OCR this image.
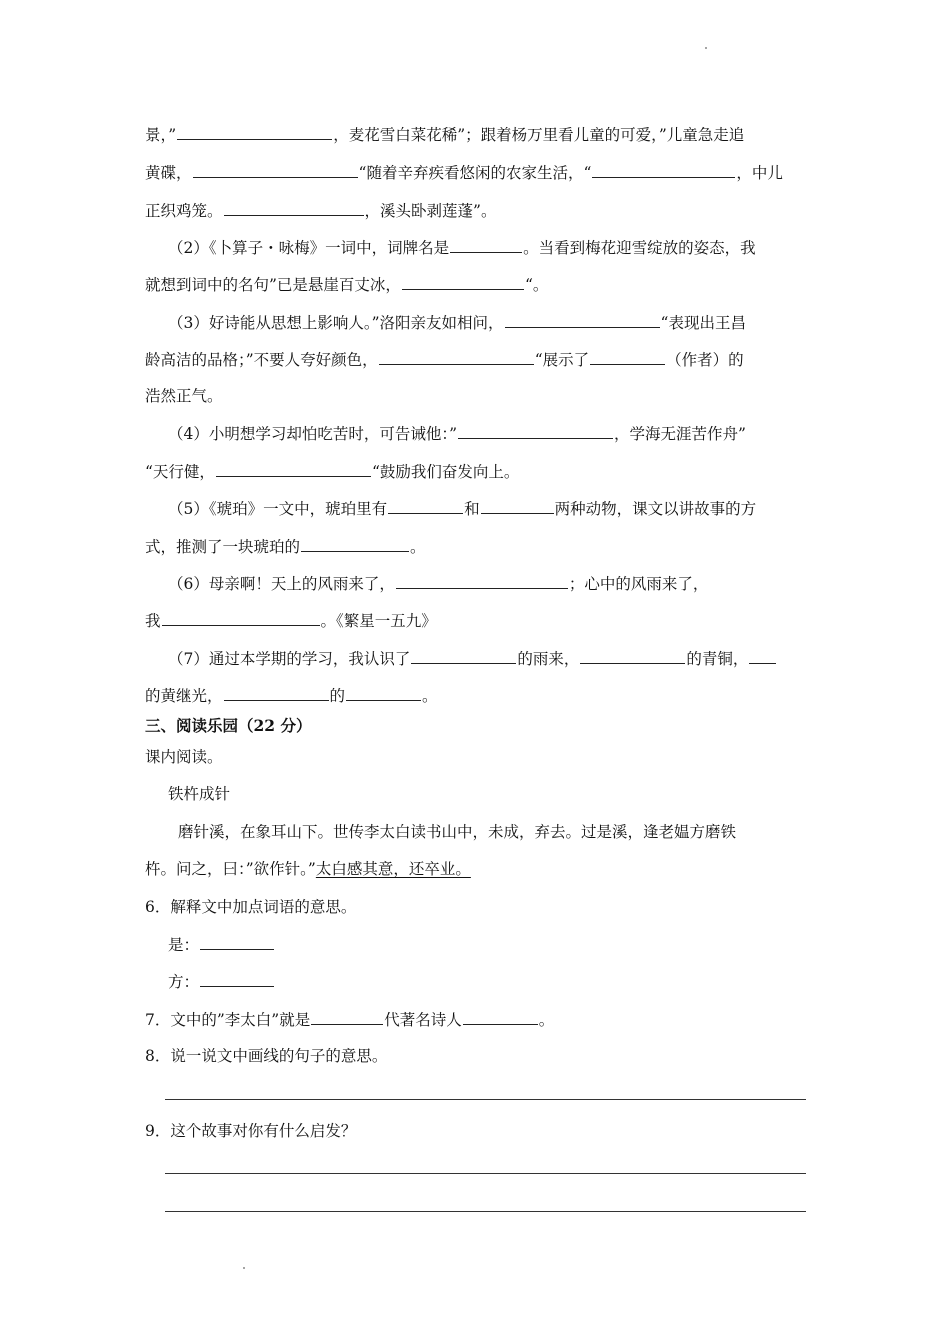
景，”	，麦花雪白菜花稀”；跟着杨万里看儿童的可爱，”儿童急走追
黄碟，	“随着辛弃疾看悠闲的农家生活，“	，中儿
正织鸡笼。	，溪头卧剥莲蓬”。
（2）《卜算子・咏梅》一词中，词牌名是	。当看到梅花迎雪绽放的姿态，我
就想到词中的名句”已是悬崖百丈冰，	“。
（3）好诗能从思想上影响人。”洛阳亲友如相问，	“表现出王昌
龄高洁的品格；”不要人夸好颜色，	“展示了	（作者）的
浩然正气。
（4）小明想学习却怕吃苦时，可告诫他：”	，学海无涯苦作舟”
“天行健，	“鼓励我们奋发向上。
（5）《琥珀》一文中，琥珀里有	和	两种动物，课文以讲故事的方
式，推测了一块琥珀的	。
（6）母亲啊！天上的风雨来了，	；心中的风雨来了，
我	。《繁星一五九》
（7）通过本学期的学习，我认识了	的雨来，	的青铜，
的黄继光，	的	。
三、阅读乐园（22 分）
课内阅读。
铁杵成针
磨针溪，在象耳山下。世传李太白读书山中，未成，弃去。过是溪，逢老媪方磨铁
杵。问之，曰：”欲作针。”太白感其意，还卒业。
6．解释文中加点词语的意思。
是：
方：
7．文中的”李太白”就是	代著名诗人	。
8．说一说文中画线的句子的意思。
9．这个故事对你有什么启发？
